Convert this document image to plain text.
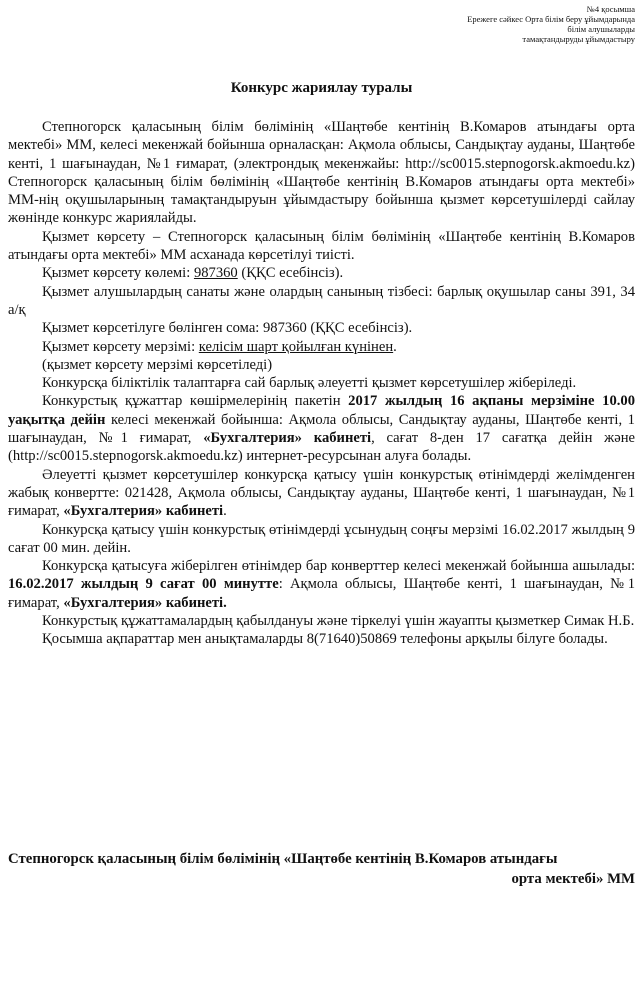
№4 қосымша
Ережеге сәйкес Орта білім беру ұйымдарында
білім алушыларды
тамақтандыруды ұйымдастыру
Конкурс жариялау туралы

Степногорск қаласының білім бөлімінің «Шаңтөбе кентінің В.Комаров атындағы орта мектебі» ММ, келесі мекенжай бойынша орналасқан: Ақмола облысы, Сандықтау ауданы, Шаңтөбе кенті, 1 шағынаудан, №1 ғимарат, (электрондық мекенжайы: http://sc0015.stepnogorsk.akmoedu.kz) Степногорск қаласының білім бөлімінің «Шаңтөбе кентінің В.Комаров атындағы орта мектебі» ММ-нің оқушыларының тамақтандыруын ұйымдастыру бойынша қызмет көрсетушілерді сайлау жөнінде конкурс жариялайды.

Қызмет көрсету – Степногорск қаласының білім бөлімінің «Шаңтөбе кентінің В.Комаров атындағы орта мектебі» ММ асханада көрсетілуі тиісті.

Қызмет көрсету көлемі: 987360 (ҚҚС есебінсіз).

Қызмет алушылардың санаты және олардың санының тізбесі: барлық оқушылар саны 391, 34 а/қ

Қызмет көрсетілуге бөлінген сома: 987360 (ҚҚС есебінсіз).

Қызмет көрсету мерзімі: келісім шарт қойылған күнінен.

(қызмет көрсету мерзімі көрсетіледі)

Конкурсқа біліктілік талаптарға сай барлық әлеуетті қызмет көрсетушілер жіберіледі.

Конкурстық құжаттар көшірмелерінің пакетін 2017 жылдың 16 ақпаны мерзіміне 10.00 уақытқа дейін келесі мекенжай бойынша: Ақмола облысы, Сандықтау ауданы, Шаңтөбе кенті, 1 шағынаудан, №1 ғимарат, «Бухгалтерия» кабинеті, сағат 8-ден 17 сағатқа дейін және (http://sc0015.stepnogorsk.akmoedu.kz) интернет-ресурсынан алуға болады.

Әлеуетті қызмет көрсетушілер конкурсқа қатысу үшін конкурстық өтінімдерді желімденген жабық конвертте: 021428, Ақмола облысы, Сандықтау ауданы, Шаңтөбе кенті, 1 шағынаудан, №1 ғимарат, «Бухгалтерия» кабинеті.

Конкурсқа қатысу үшін конкурстық өтінімдерді ұсынудың соңғы мерзімі 16.02.2017 жылдың 9 сағат 00 мин. дейін.

Конкурсқа қатысуға жіберілген өтінімдер бар конверттер келесі мекенжай бойынша ашылады: 16.02.2017 жылдың 9 сағат 00 минутте: Ақмола облысы, Шаңтөбе кенті, 1 шағынаудан, №1 ғимарат, «Бухгалтерия» кабинеті.

Конкурстық құжаттамалардың қабылдануы және тіркелуі үшін жауапты қызметкер Симак Н.Б.

Қосымша ақпараттар мен анықтамаларды 8(71640)50869 телефоны арқылы білуге болады.

Степногорск қаласының білім бөлімінің «Шаңтөбе кентінің В.Комаров атындағы
орта мектебі» ММ
